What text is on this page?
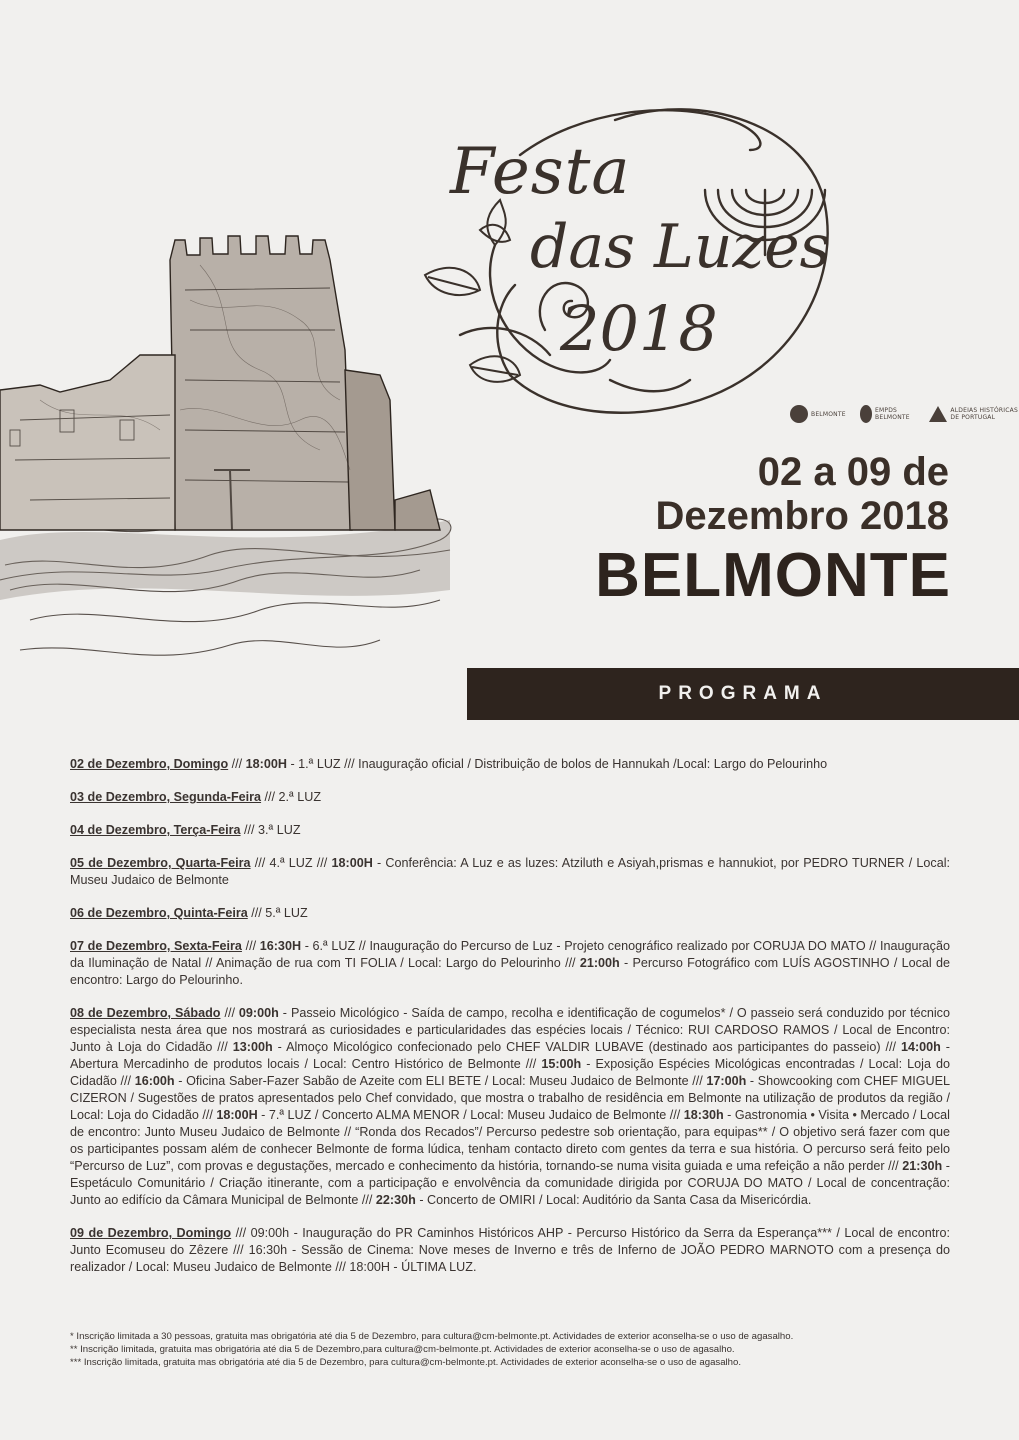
Festa
das Luzes
2018
BELMONTE	EMPDS BELMONTE
ALDEIAS HISTÓRICAS DE PORTUGAL
02 a 09 de
Dezembro 2018
BELMONTE
PROGRAMA

02 de Dezembro, Domingo /// 18:00H - 1.ª LUZ /// Inauguração oficial / Distribuição de bolos de Hannukah /Local: Largo do Pelourinho

03 de Dezembro, Segunda-Feira /// 2.ª LUZ

04 de Dezembro, Terça-Feira /// 3.ª LUZ

05 de Dezembro, Quarta-Feira /// 4.ª LUZ /// 18:00H - Conferência: A Luz e as luzes: Atziluth e Asiyah,prismas e hannukiot, por PEDRO TURNER / Local: Museu Judaico de Belmonte

06 de Dezembro, Quinta-Feira /// 5.ª LUZ

07 de Dezembro, Sexta-Feira /// 16:30H - 6.ª LUZ // Inauguração do Percurso de Luz - Projeto cenográfico realizado por CORUJA DO MATO // Inauguração da Iluminação de Natal // Animação de rua com TI FOLIA / Local: Largo do Pelourinho /// 21:00h - Percurso Fotográfico com LUÍS AGOSTINHO / Local de encontro: Largo do Pelourinho.

08 de Dezembro, Sábado /// 09:00h - Passeio Micológico - Saída de campo, recolha e identificação de cogumelos* / O passeio será conduzido por técnico especialista nesta área que nos mostrará as curiosidades e particularidades das espécies locais / Técnico: RUI CARDOSO RAMOS / Local de Encontro: Junto à Loja do Cidadão /// 13:00h - Almoço Micológico confecionado pelo CHEF VALDIR LUBAVE (destinado aos participantes do passeio) /// 14:00h - Abertura Mercadinho de produtos locais / Local: Centro Histórico de Belmonte /// 15:00h - Exposição Espécies Micológicas encontradas / Local: Loja do Cidadão /// 16:00h - Oficina Saber-Fazer Sabão de Azeite com ELI BETE / Local: Museu Judaico de Belmonte /// 17:00h - Showcooking com CHEF MIGUEL CIZERON / Sugestões de pratos apresentados pelo Chef convidado, que mostra o trabalho de residência em Belmonte na utilização de produtos da região / Local: Loja do Cidadão /// 18:00H - 7.ª LUZ / Concerto ALMA MENOR / Local: Museu Judaico de Belmonte /// 18:30h - Gastronomia • Visita • Mercado / Local de encontro: Junto Museu Judaico de Belmonte // “Ronda dos Recados”/ Percurso pedestre sob orientação, para equipas** / O objetivo será fazer com que os participantes possam além de conhecer Belmonte de forma lúdica, tenham contacto direto com gentes da terra e sua história. O percurso será feito pelo “Percurso de Luz”, com provas e degustações, mercado e conhecimento da história, tornando-se numa visita guiada e uma refeição a não perder /// 21:30h - Espetáculo Comunitário / Criação itinerante, com a participação e envolvência da comunidade dirigida por CORUJA DO MATO / Local de concentração: Junto ao edifício da Câmara Municipal de Belmonte /// 22:30h - Concerto de OMIRI / Local: Auditório da Santa Casa da Misericórdia.

09 de Dezembro, Domingo /// 09:00h - Inauguração do PR Caminhos Históricos AHP - Percurso Histórico da Serra da Esperança*** / Local de encontro: Junto Ecomuseu do Zêzere /// 16:30h - Sessão de Cinema: Nove meses de Inverno e três de Inferno de JOÃO PEDRO MARNOTO com a presença do realizador / Local: Museu Judaico de Belmonte /// 18:00H - ÚLTIMA LUZ.

* Inscrição limitada a 30 pessoas, gratuita mas obrigatória até dia 5 de Dezembro, para cultura@cm-belmonte.pt. Actividades de exterior aconselha-se o uso de agasalho.
** Inscrição limitada, gratuita mas obrigatória até dia 5 de Dezembro,para cultura@cm-belmonte.pt. Actividades de exterior aconselha-se o uso de agasalho.
*** Inscrição limitada, gratuita mas obrigatória até dia 5 de Dezembro, para cultura@cm-belmonte.pt. Actividades de exterior aconselha-se o uso de agasalho.
